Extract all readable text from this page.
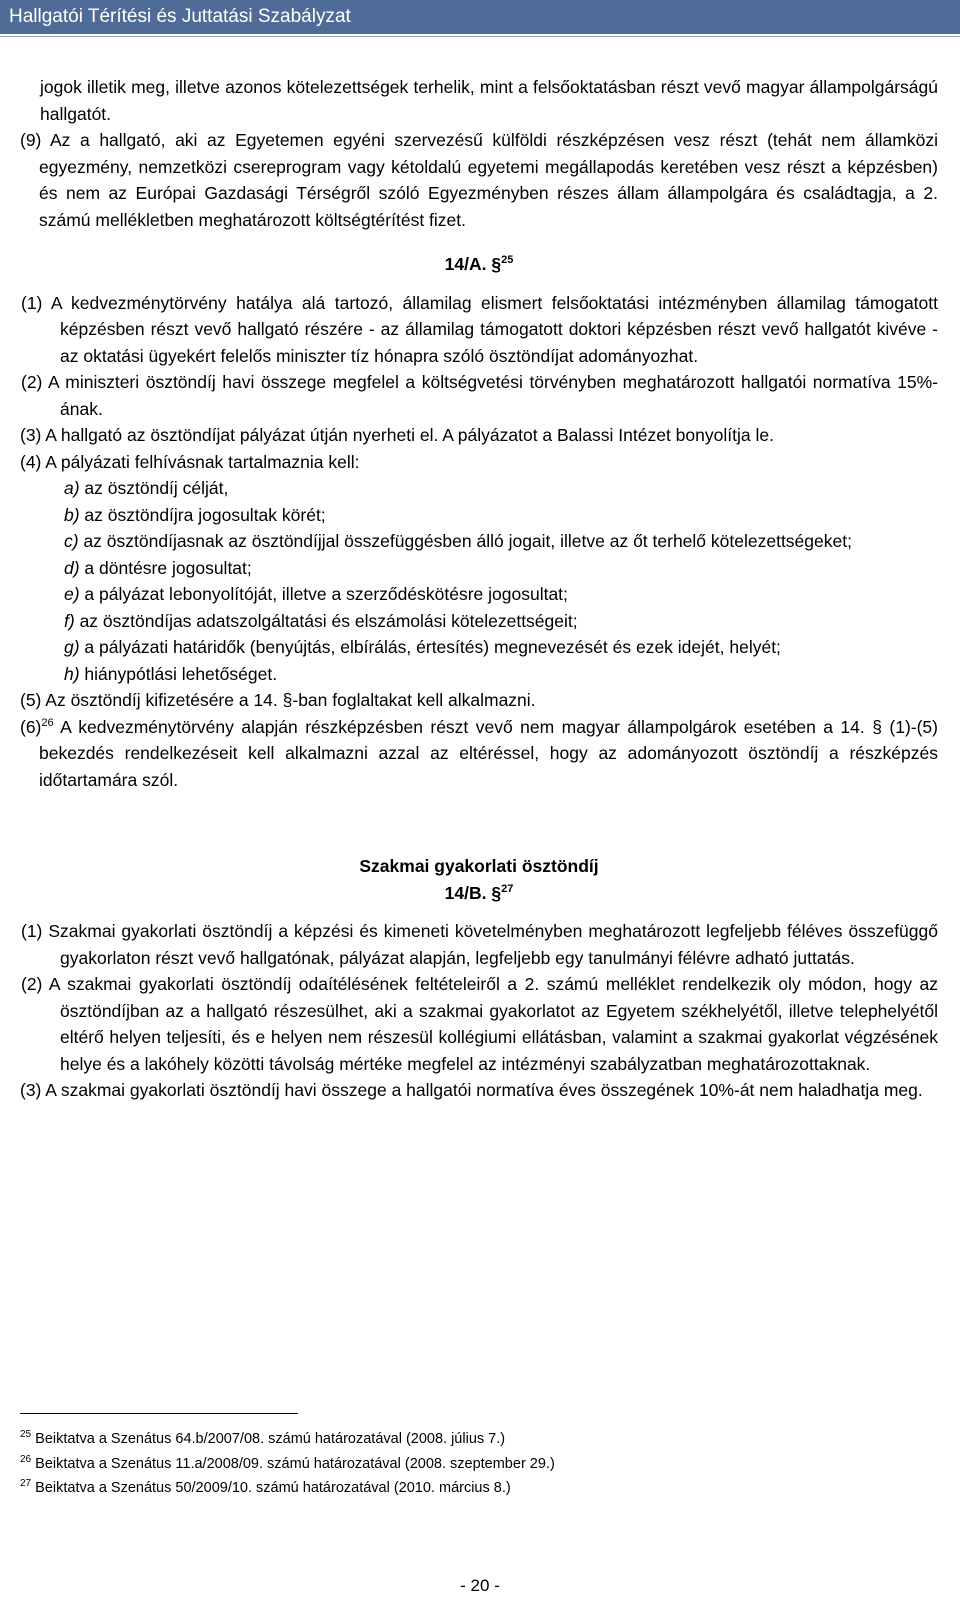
Hallgatói Térítési és Juttatási Szabályzat

jogok illetik meg, illetve azonos kötelezettségek terhelik, mint a felsőoktatásban részt vevő magyar állampolgárságú hallgatót.

(9) Az a hallgató, aki az Egyetemen egyéni szervezésű külföldi részképzésen vesz részt (tehát nem államközi egyezmény, nemzetközi csereprogram vagy kétoldalú egyetemi megállapodás keretében vesz részt a képzésben) és nem az Európai Gazdasági Térségről szóló Egyezményben részes állam állampolgára és családtagja, a 2. számú mellékletben meghatározott költségtérítést fizet.

14/A. §$^{25}$

(1) A kedvezménytörvény hatálya alá tartozó, államilag elismert felsőoktatási intézményben államilag támogatott képzésben részt vevő hallgató részére - az államilag támogatott doktori képzésben részt vevő hallgatót kivéve - az oktatási ügyekért felelős miniszter tíz hónapra szóló ösztöndíjat adományozhat.

(2) A miniszteri ösztöndíj havi összege megfelel a költségvetési törvényben meghatározott hallgatói normatíva 15%-ának.

(3) A hallgató az ösztöndíjat pályázat útján nyerheti el. A pályázatot a Balassi Intézet bonyolítja le.

(4) A pályázati felhívásnak tartalmaznia kell:

a) az ösztöndíj célját,

b) az ösztöndíjra jogosultak körét;

c) az ösztöndíjasnak az ösztöndíjjal összefüggésben álló jogait, illetve az őt terhelő kötelezettségeket;

d) a döntésre jogosultat;

e) a pályázat lebonyolítóját, illetve a szerződéskötésre jogosultat;

f) az ösztöndíjas adatszolgáltatási és elszámolási kötelezettségeit;

g) a pályázati határidők (benyújtás, elbírálás, értesítés) megnevezését és ezek idejét, helyét;

h) hiánypótlási lehetőséget.

(5) Az ösztöndíj kifizetésére a 14. §-ban foglaltakat kell alkalmazni.

$(6)^{26}$ A kedvezménytörvény alapján részképzésben részt vevő nem magyar állampolgárok esetében a 14. § (1)-(5) bekezdés rendelkezéseit kell alkalmazni azzal az eltéréssel, hogy az adományozott ösztöndíj a részképzés időtartamára szól.

Szakmai gyakorlati ösztöndíj

14/B. §$^{27}$

(1) Szakmai gyakorlati ösztöndíj a képzési és kimeneti követelményben meghatározott legfeljebb féléves összefüggő gyakorlaton részt vevő hallgatónak, pályázat alapján, legfeljebb egy tanulmányi félévre adható juttatás.

(2) A szakmai gyakorlati ösztöndíj odaítélésének feltételeiről a 2. számú melléklet rendelkezik oly módon, hogy az ösztöndíjban az a hallgató részesülhet, aki a szakmai gyakorlatot az Egyetem székhelyétől, illetve telephelyétől eltérő helyen teljesíti, és e helyen nem részesül kollégiumi ellátásban, valamint a szakmai gyakorlat végzésének helye és a lakóhely közötti távolság mértéke megfelel az intézményi szabályzatban meghatározottaknak.

(3) A szakmai gyakorlati ösztöndíj havi összege a hallgatói normatíva éves összegének 10%-át nem haladhatja meg.

$^{25}$ Beiktatva a Szenátus 64.b/2007/08. számú határozatával (2008. július 7.)
$^{26}$ Beiktatva a Szenátus 11.a/2008/09. számú határozatával (2008. szeptember 29.)
$^{27}$ Beiktatva a Szenátus 50/2009/10. számú határozatával (2010. március 8.)
- 20 -
